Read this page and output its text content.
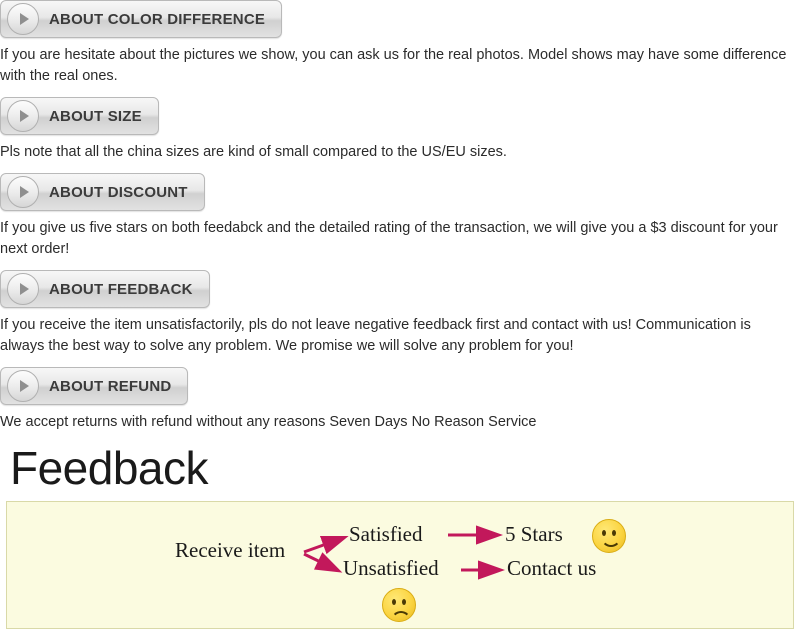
ABOUT COLOR DIFFERENCE

If you are hesitate about the pictures we show, you can ask us for the real photos. Model shows may have some difference with the real ones.

ABOUT SIZE

Pls note that all the china sizes are kind of small compared to the US/EU sizes.

ABOUT DISCOUNT

If you give us five stars on both feedabck and the detailed rating of the transaction, we will give you a $3 discount for your next order!

ABOUT FEEDBACK

If you receive the item unsatisfactorily, pls do not leave negative feedback first and contact with us! Communication is always the best way to solve any problem. We promise we will solve any problem for you!

ABOUT REFUND

We accept returns with refund without any reasons Seven Days No Reason Service

Feedback
Receive item
Satisfied
Unsatisfied
5 Stars
Contact us
